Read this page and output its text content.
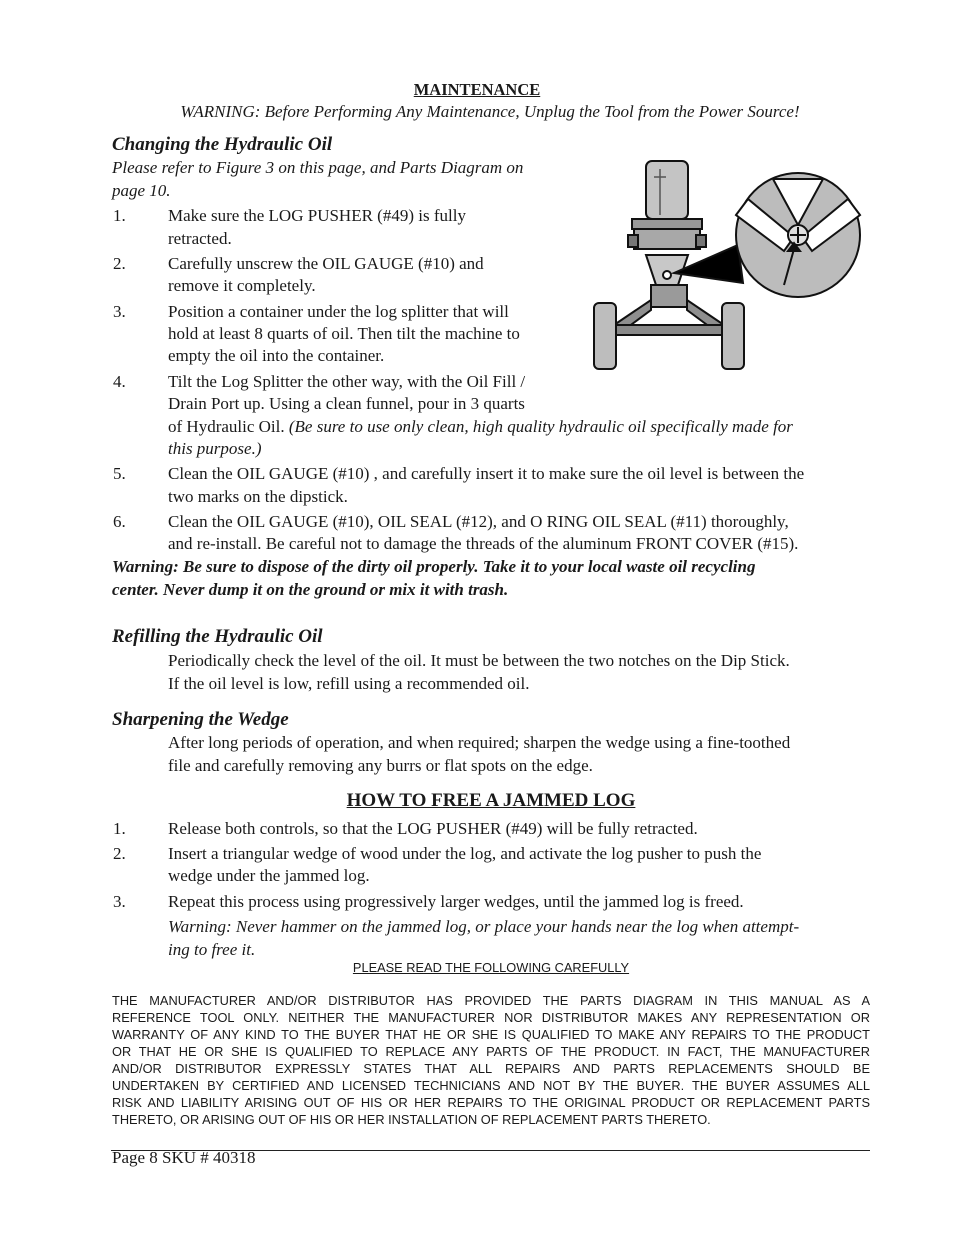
MAINTENANCE
WARNING: Before Performing Any Maintenance, Unplug the Tool from the Power Source!
Changing the Hydraulic Oil
Please refer to Figure 3 on this page, and Parts Diagram on
page 10.
1. Make sure the LOG PUSHER (#49) is fully
retracted.
2. Carefully unscrew the OIL GAUGE (#10) and
remove it completely.
3. Position a container under the log splitter that will
hold at least 8 quarts of oil. Then tilt the machine to
empty the oil into the container.
4. Tilt the Log Splitter the other way, with the Oil Fill /
Drain Port up. Using a clean funnel, pour in 3 quarts
of Hydraulic Oil. (Be sure to use only clean, high quality hydraulic oil specifically made for
this purpose.)
5. Clean the OIL GAUGE (#10) , and carefully insert it to make sure the oil level is between the
two marks on the dipstick.
6. Clean the OIL GAUGE (#10), OIL SEAL (#12), and O RING OIL SEAL (#11) thoroughly,
and re-install. Be careful not to damage the threads of the aluminum FRONT COVER (#15).
Warning: Be sure to dispose of the dirty oil properly. Take it to your local waste oil recycling
center. Never dump it on the ground or mix it with trash.
Refilling the Hydraulic Oil
Periodically check the level of the oil. It must be between the two notches on the Dip Stick.
If the oil level is low, refill using a recommended oil.
Sharpening the Wedge
After long periods of operation, and when required; sharpen the wedge using a fine-toothed
file and carefully removing any burrs or flat spots on the edge.
HOW TO FREE A JAMMED LOG
1. Release both controls, so that the LOG PUSHER (#49) will be fully retracted.
2. Insert a triangular wedge of wood under the log, and activate the log pusher to push the
wedge under the jammed log.
3. Repeat this process using progressively larger wedges, until the jammed log is freed.
Warning: Never hammer on the jammed log, or place your hands near the log when attempt-
ing to free it.
PLEASE READ THE FOLLOWING CAREFULLY
THE MANUFACTURER AND/OR DISTRIBUTOR HAS PROVIDED THE PARTS DIAGRAM IN THIS MANUAL AS A
REFERENCE TOOL ONLY. NEITHER THE MANUFACTURER NOR DISTRIBUTOR MAKES ANY REPRESENTATION OR
WARRANTY OF ANY KIND TO THE BUYER THAT HE OR SHE IS QUALIFIED TO MAKE ANY REPAIRS TO THE PRODUCT
OR THAT HE OR SHE IS QUALIFIED TO REPLACE ANY PARTS OF THE PRODUCT. IN FACT, THE MANUFACTURER
AND/OR DISTRIBUTOR EXPRESSLY STATES THAT ALL REPAIRS AND PARTS REPLACEMENTS SHOULD BE
UNDERTAKEN BY CERTIFIED AND LICENSED TECHNICIANS AND NOT BY THE BUYER. THE BUYER ASSUMES ALL
RISK AND LIABILITY ARISING OUT OF HIS OR HER REPAIRS TO THE ORIGINAL PRODUCT OR REPLACEMENT PARTS
THERETO, OR ARISING OUT OF HIS OR HER INSTALLATION OF REPLACEMENT PARTS THERETO.
Page 8 SKU # 40318
